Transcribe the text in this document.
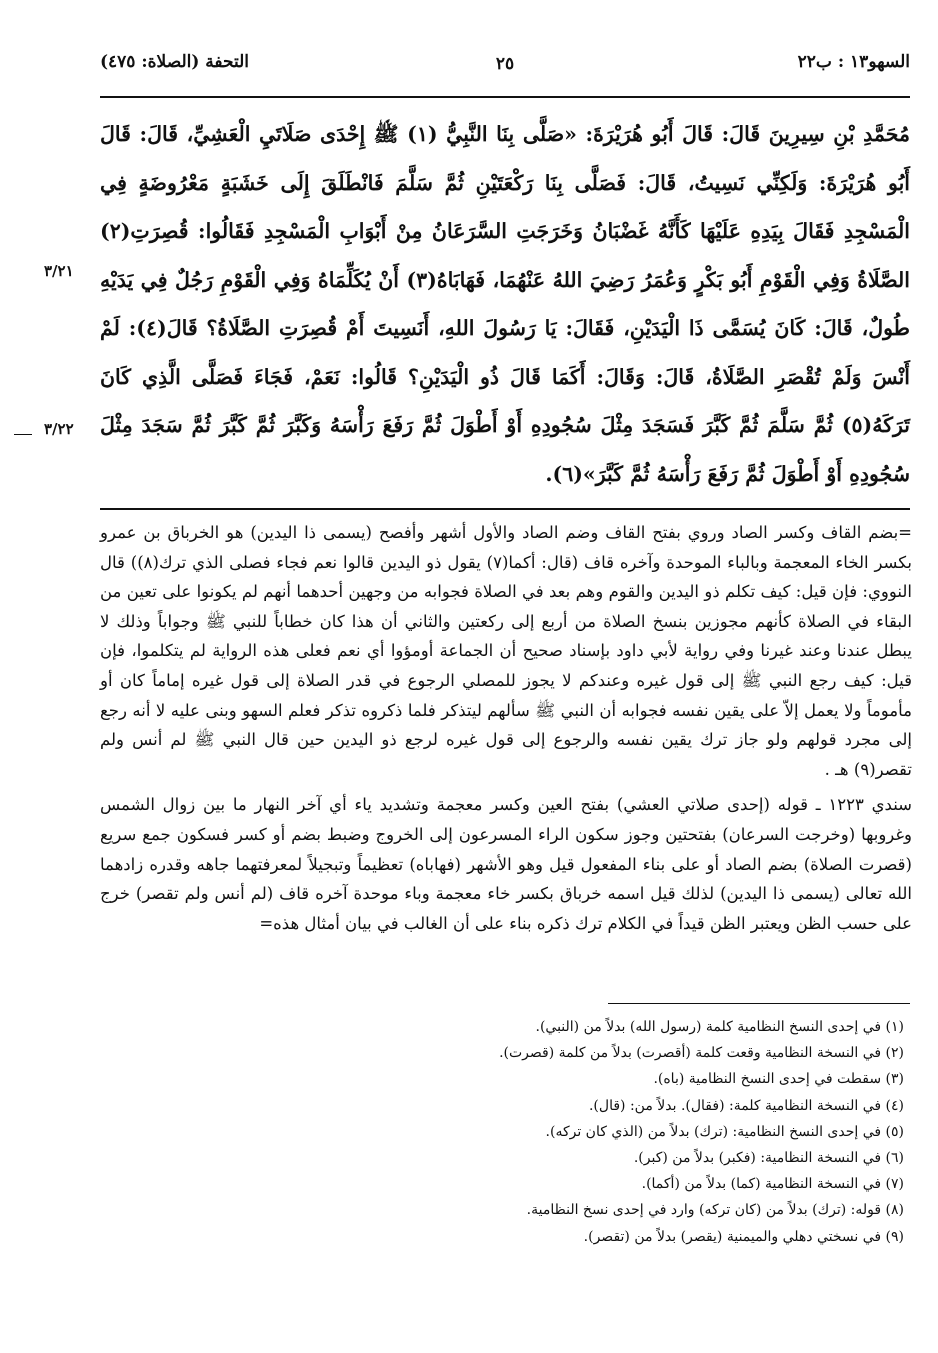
السهو١٣ : ب٢٢
٢٥
التحفة (الصلاة: ٤٧٥)

مُحَمَّدِ بْنِ سِيرِينَ قَالَ: قَالَ أَبُو هُرَيْرَةَ: «صَلَّى بِنَا النَّبِيُّ (١) ﷺ إِحْدَى صَلَاتَيِ الْعَشِيِّ، قَالَ: قَالَ أَبُو هُرَيْرَةَ: وَلَكِنِّي نَسِيتُ، قَالَ: فَصَلَّى بِنَا رَكْعَتَيْنِ ثُمَّ سَلَّمَ فَانْطَلَقَ إِلَى خَشَبَةٍ مَعْرُوضَةٍ فِي الْمَسْجِدِ فَقَالَ بِيَدِهِ عَلَيْهَا كَأَنَّهُ غَضْبَانُ وَخَرَجَتِ السَّرَعَانُ مِنْ أَبْوَابِ الْمَسْجِدِ فَقَالُوا: قُصِرَتِ(٢) الصَّلَاةُ وَفِي الْقَوْمِ أَبُو بَكْرٍ وَعُمَرُ رَضِيَ اللهُ عَنْهُمَا، فَهَابَاهُ(٣) أَنْ يُكَلِّمَاهُ وَفِي الْقَوْمِ رَجُلٌ فِي يَدَيْهِ طُولٌ، قَالَ: كَانَ يُسَمَّى ذَا الْيَدَيْنِ، فَقَالَ: يَا رَسُولَ اللهِ، أَنَسِيتَ أَمْ قُصِرَتِ الصَّلَاةُ؟ قَالَ(٤): لَمْ أَنْسَ وَلَمْ تُقْصَرِ الصَّلَاةُ، قَالَ: وَقَالَ: أَكَمَا قَالَ ذُو الْيَدَيْنِ؟ قَالُوا: نَعَمْ، فَجَاءَ فَصَلَّى الَّذِي كَانَ تَرَكَهُ(٥) ثُمَّ سَلَّمَ ثُمَّ كَبَّرَ فَسَجَدَ مِثْلَ سُجُودِهِ أَوْ أَطْوَلَ ثُمَّ رَفَعَ رَأْسَهُ وَكَبَّرَ ثُمَّ كَبَّرَ ثُمَّ سَجَدَ مِثْلَ سُجُودِهِ أَوْ أَطْوَلَ ثُمَّ رَفَعَ رَأْسَهُ ثُمَّ كَبَّرَ»(٦).

٣/٢١
٣/٢٢

=بضم القاف وكسر الصاد وروي بفتح القاف وضم الصاد والأول أشهر وأفصح (يسمى ذا اليدين) هو الخرباق بن عمرو بكسر الخاء المعجمة وبالباء الموحدة وآخره قاف (قال: أكما(٧) يقول ذو اليدين قالوا نعم فجاء فصلى الذي ترك(٨)) قال النووي: فإن قيل: كيف تكلم ذو اليدين والقوم وهم بعد في الصلاة فجوابه من وجهين أحدهما أنهم لم يكونوا على تعين من البقاء في الصلاة كأنهم مجوزين بنسخ الصلاة من أربع إلى ركعتين والثاني أن هذا كان خطاباً للنبي ﷺ وجواباً وذلك لا يبطل عندنا وعند غيرنا وفي رواية لأبي داود بإسناد صحيح أن الجماعة أومؤوا أي نعم فعلى هذه الرواية لم يتكلموا، فإن قيل: كيف رجع النبي ﷺ إلى قول غيره وعندكم لا يجوز للمصلي الرجوع في قدر الصلاة إلى قول غيره إماماً كان أو مأموماً ولا يعمل إلاّ على يقين نفسه فجوابه أن النبي ﷺ سألهم ليتذكر فلما ذكروه تذكر فعلم السهو وبنى عليه لا أنه رجع إلى مجرد قولهم ولو جاز ترك يقين نفسه والرجوع إلى قول غيره لرجع ذو اليدين حين قال النبي ﷺ لم أنس ولم تقصر(٩) هـ .

سندي ١٢٢٣ ـ قوله (إحدى صلاتي العشي) بفتح العين وكسر معجمة وتشديد ياء أي آخر النهار ما بين زوال الشمس وغروبها (وخرجت السرعان) بفتحتين وجوز سكون الراء المسرعون إلى الخروج وضبط بضم أو كسر فسكون جمع سريع (قصرت الصلاة) بضم الصاد أو على بناء المفعول قيل وهو الأشهر (فهاباه) تعظيماً وتبجيلاً لمعرفتهما جاهه وقدره زادهما الله تعالى (يسمى ذا اليدين) لذلك قيل اسمه خرباق بكسر خاء معجمة وباء موحدة آخره قاف (لم أنس ولم تقصر) خرج على حسب الظن ويعتبر الظن قيداً في الكلام ترك ذكره بناء على أن الغالب في بيان أمثال هذه=

(١) في إحدى النسخ النظامية كلمة (رسول الله) بدلاً من (النبي).

(٢) في النسخة النظامية وقعت كلمة (أقصرت) بدلاً من كلمة (قصرت).

(٣) سقطت في إحدى النسخ النظامية (باه).

(٤) في النسخة النظامية كلمة: (فقال). بدلاً من: (قال).

(٥) في إحدى النسخ النظامية: (ترك) بدلاً من (الذي كان تركه).

(٦) في النسخة النظامية: (فكبر) بدلاً من (كبر).

(٧) في النسخة النظامية (كما) بدلاً من (أكما).

(٨) قوله: (ترك) بدلاً من (كان تركه) وارد في إحدى نسخ النظامية.

(٩) في نسختي دهلي والميمنية (يقصر) بدلاً من (تقصر).
